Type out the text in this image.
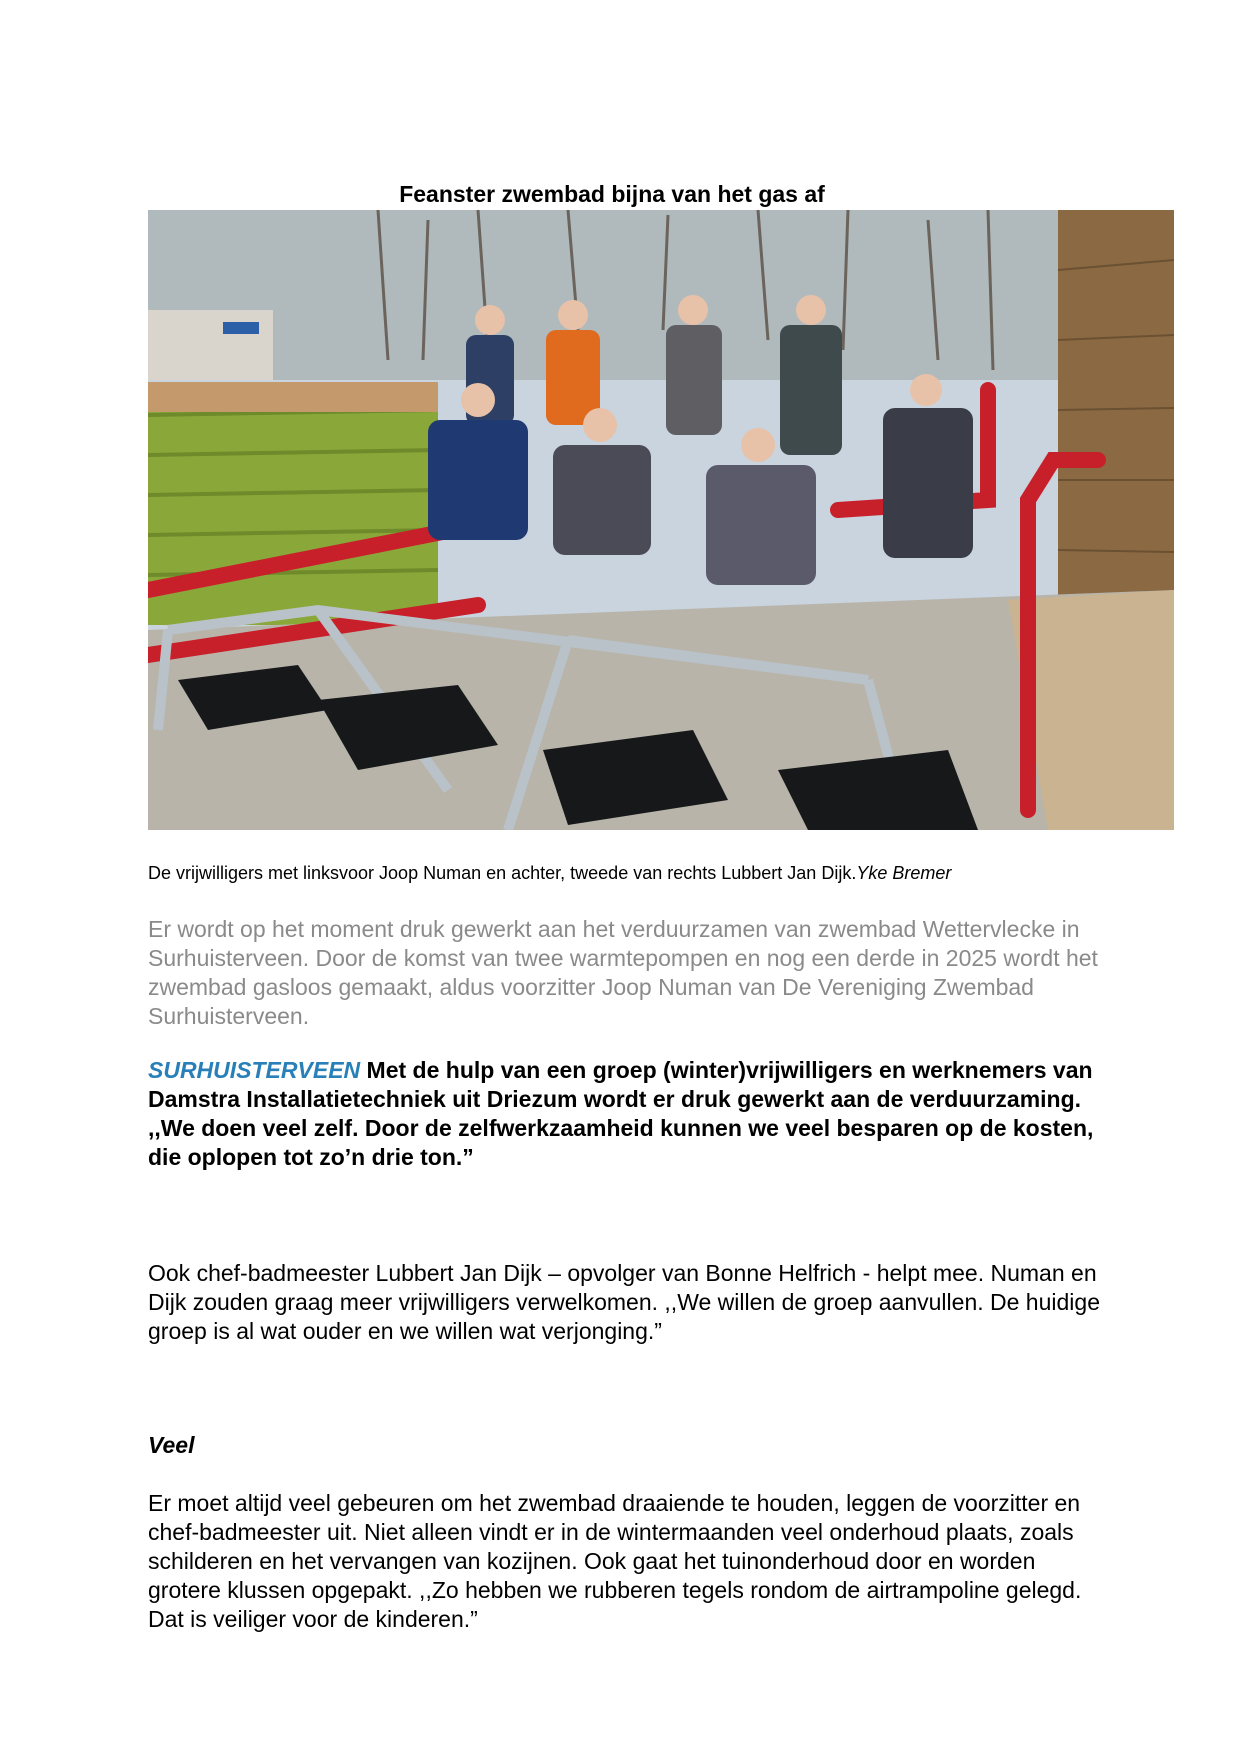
Feanster zwembad bijna van het gas af

De vrijwilligers met linksvoor Joop Numan en achter, tweede van rechts Lubbert Jan Dijk.Yke Bremer

Er wordt op het moment druk gewerkt aan het verduurzamen van zwembad Wettervlecke in Surhuisterveen. Door de komst van twee warmtepompen en nog een derde in 2025 wordt het zwembad gasloos gemaakt, aldus voorzitter Joop Numan van De Vereniging Zwembad Surhuisterveen.

SURHUISTERVEEN Met de hulp van een groep (winter)vrijwilligers en werknemers van Damstra Installatietechniek uit Driezum wordt er druk gewerkt aan de verduurzaming. ,,We doen veel zelf. Door de zelfwerkzaamheid kunnen we veel besparen op de kosten, die oplopen tot zo’n drie ton.”

Ook chef-badmeester Lubbert Jan Dijk – opvolger van Bonne Helfrich - helpt mee. Numan en Dijk zouden graag meer vrijwilligers verwelkomen. ,,We willen de groep aanvullen. De huidige groep is al wat ouder en we willen wat verjonging.”

Veel

Er moet altijd veel gebeuren om het zwembad draaiende te houden, leggen de voorzitter en chef-badmeester uit. Niet alleen vindt er in de wintermaanden veel onderhoud plaats, zoals schilderen en het vervangen van kozijnen. Ook gaat het tuinonderhoud door en worden grotere klussen opgepakt. ,,Zo hebben we rubberen tegels rondom de airtrampoline gelegd. Dat is veiliger voor de kinderen.”
